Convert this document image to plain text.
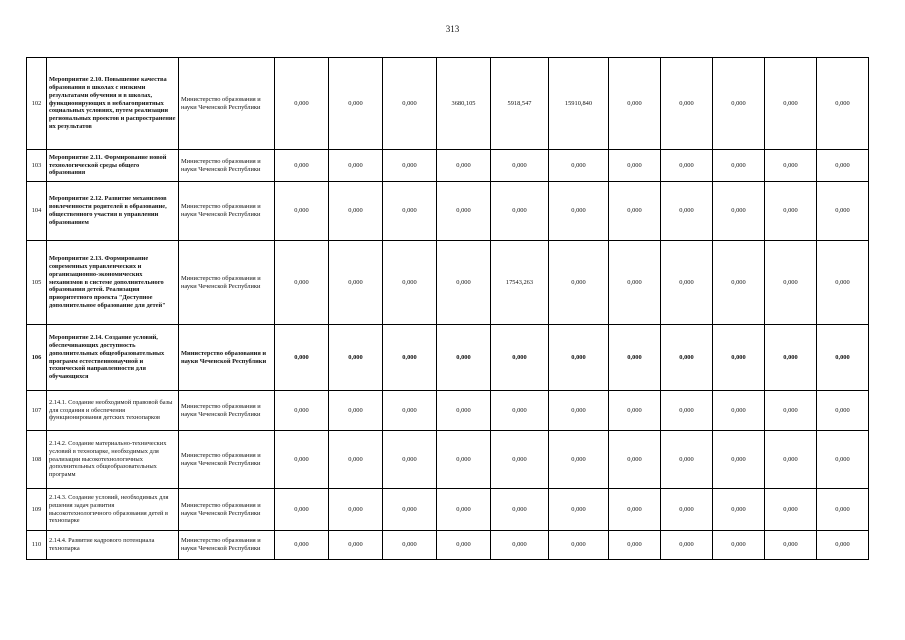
313
102	Мероприятие 2.10. Повышение качества образования в школах с низкими результатами обучения и в школах, функционирующих в неблагоприятных социальных условиях, путем реализации региональных проектов и распространение их результатов	Министерство образования и науки Чеченской Республики	0,000	0,000	0,000	3680,105	5918,547	15910,840	0,000	0,000	0,000	0,000	0,000
103	Мероприятие 2.11. Формирование новой технологической среды общего образования	Министерство образования и науки Чеченской Республики	0,000	0,000	0,000	0,000	0,000	0,000	0,000	0,000	0,000	0,000	0,000
104	Мероприятие 2.12. Развитие механизмов вовлеченности родителей в образование, общественного участия в управлении образованием	Министерство образования и науки Чеченской Республики	0,000	0,000	0,000	0,000	0,000	0,000	0,000	0,000	0,000	0,000	0,000
105	Мероприятие 2.13. Формирование современных управленческих и организационно-экономических механизмов в системе дополнительного образования детей. Реализация приоритетного проекта "Доступное дополнительное образование для детей"	Министерство образования и науки Чеченской Республики	0,000	0,000	0,000	0,000	17543,263	0,000	0,000	0,000	0,000	0,000	0,000
106	Мероприятие 2.14. Создание условий, обеспечивающих доступность дополнительных общеобразовательных программ естественнонаучной и технической направленности для обучающихся	Министерство образования и науки Чеченской Республики	0,000	0,000	0,000	0,000	0,000	0,000	0,000	0,000	0,000	0,000	0,000
107	2.14.1. Создание необходимой правовой базы для создания и обеспечения функционирования детских технопарков	Министерство образования и науки Чеченской Республики	0,000	0,000	0,000	0,000	0,000	0,000	0,000	0,000	0,000	0,000	0,000
108	2.14.2. Создание материально-технических условий в технопарке, необходимых для реализации высокотехнологичных дополнительных общеобразовательных программ	Министерство образования и науки Чеченской Республики	0,000	0,000	0,000	0,000	0,000	0,000	0,000	0,000	0,000	0,000	0,000
109	2.14.3. Создание условий, необходимых для решения задач развития высокотехнологичного образования детей в технопарке	Министерство образования и науки Чеченской Республики	0,000	0,000	0,000	0,000	0,000	0,000	0,000	0,000	0,000	0,000	0,000
110	2.14.4. Развитие кадрового потенциала технопарка	Министерство образования и науки Чеченской Республики	0,000	0,000	0,000	0,000	0,000	0,000	0,000	0,000	0,000	0,000	0,000
